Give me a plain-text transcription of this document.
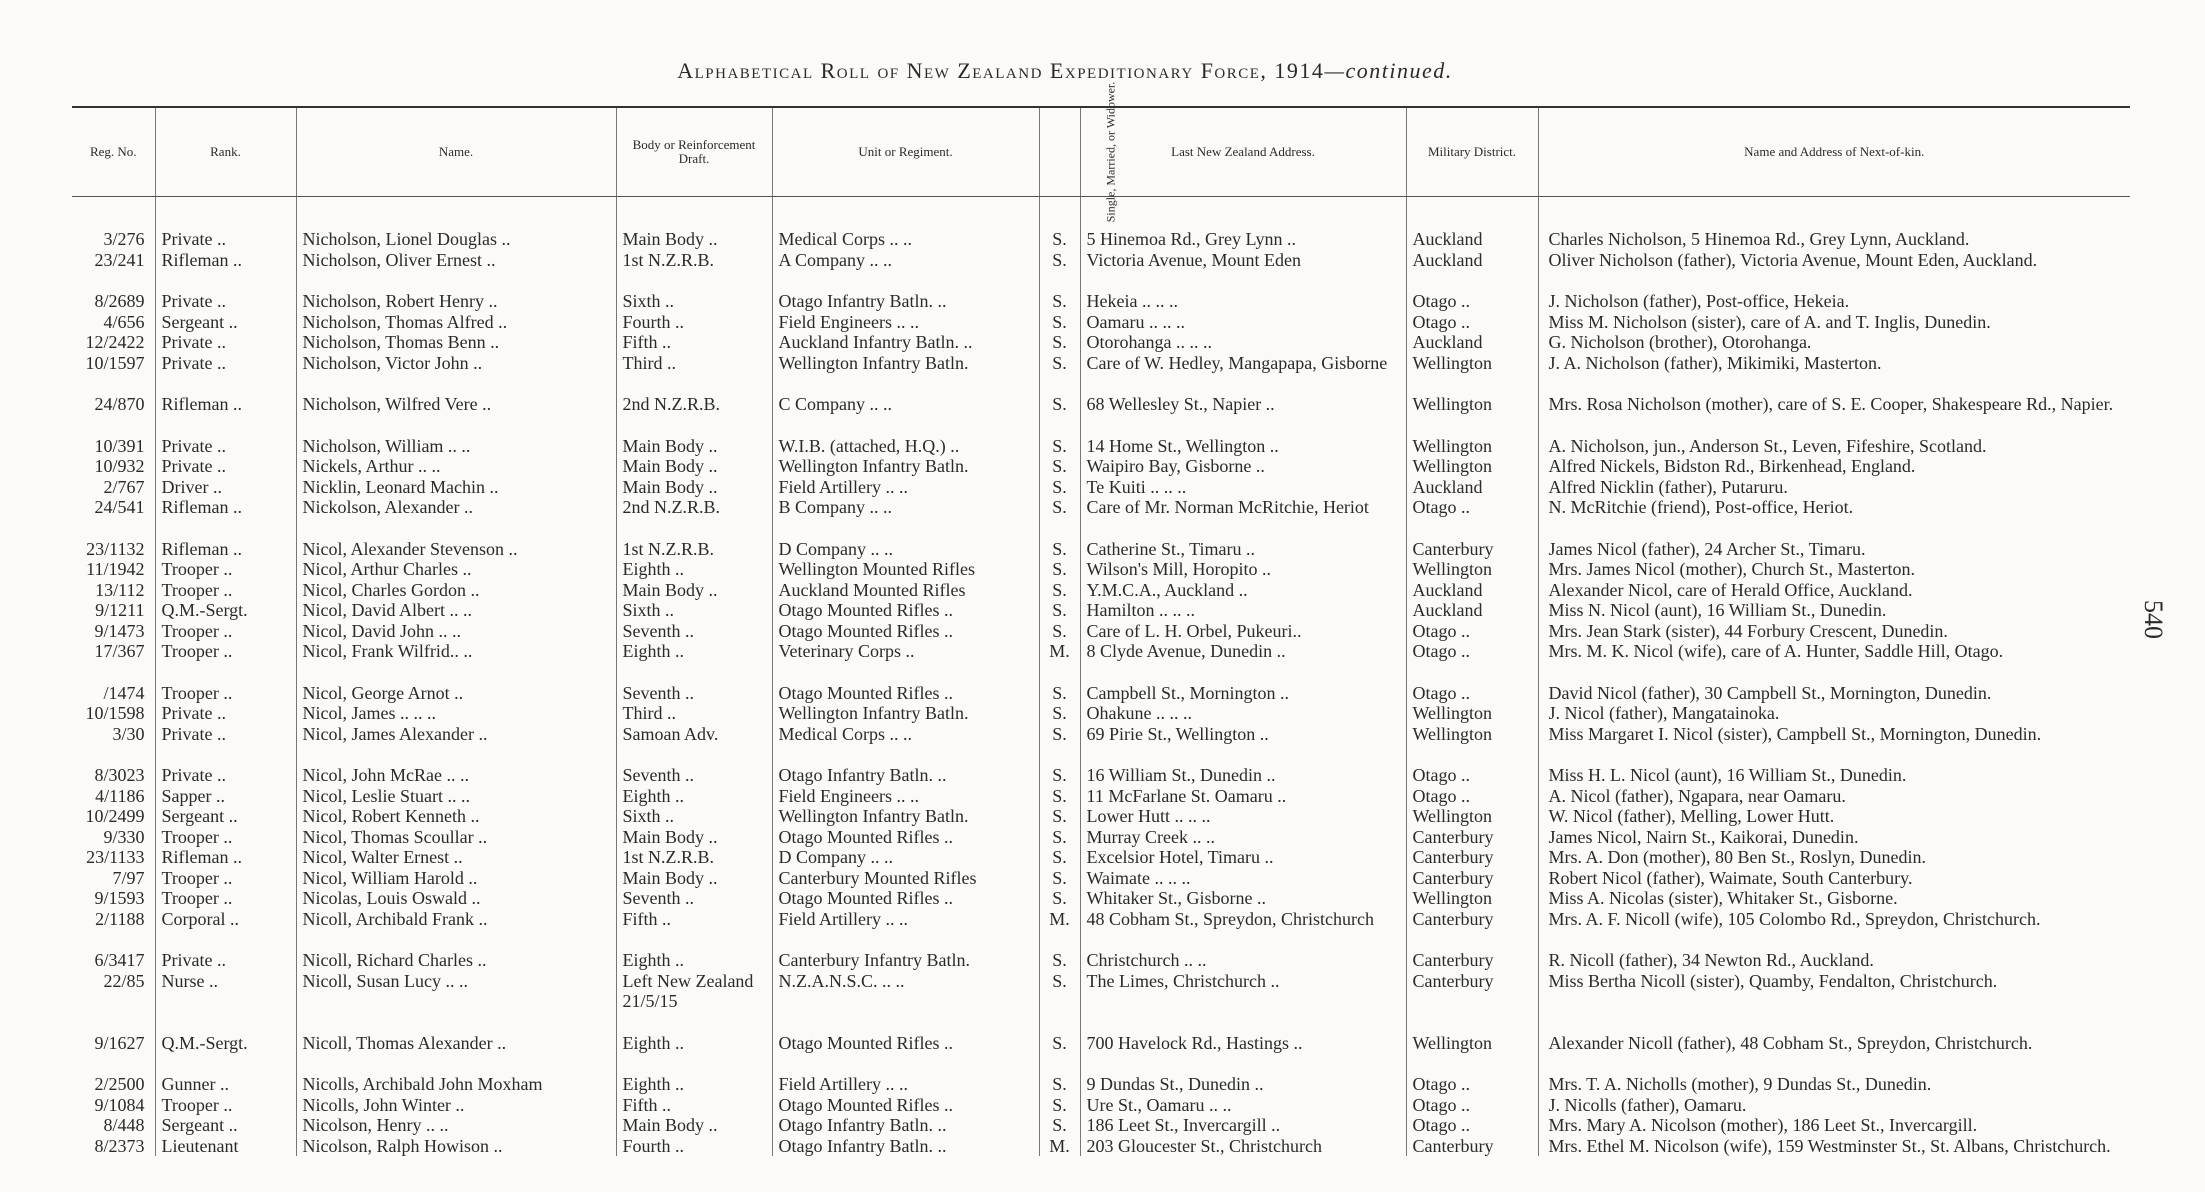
Alphabetical Roll of New Zealand Expeditionary Force, 1914—continued.
Reg. No.	Rank.	Name.	Body or Reinforcement Draft.	Unit or Regiment.	Single, Married, or Widower.	Last New Zealand Address.	Military District.	Name and Address of Next-of-kin.
3/276	Private ..	Nicholson, Lionel Douglas ..	Main Body ..	Medical Corps .. ..	S.	5 Hinemoa Rd., Grey Lynn ..	Auckland	Charles Nicholson, 5 Hinemoa Rd., Grey Lynn, Auckland.
23/241	Rifleman ..	Nicholson, Oliver Ernest ..	1st N.Z.R.B.	A Company .. ..	S.	Victoria Avenue, Mount Eden	Auckland	Oliver Nicholson (father), Victoria Avenue, Mount Eden, Auckland.
8/2689	Private ..	Nicholson, Robert Henry ..	Sixth ..	Otago Infantry Batln. ..	S.	Hekeia .. .. ..	Otago ..	J. Nicholson (father), Post-office, Hekeia.
4/656	Sergeant ..	Nicholson, Thomas Alfred ..	Fourth ..	Field Engineers .. ..	S.	Oamaru .. .. ..	Otago ..	Miss M. Nicholson (sister), care of A. and T. Inglis, Dunedin.
12/2422	Private ..	Nicholson, Thomas Benn ..	Fifth ..	Auckland Infantry Batln. ..	S.	Otorohanga .. .. ..	Auckland	G. Nicholson (brother), Otorohanga.
10/1597	Private ..	Nicholson, Victor John ..	Third ..	Wellington Infantry Batln.	S.	Care of W. Hedley, Mangapapa, Gisborne	Wellington	J. A. Nicholson (father), Mikimiki, Masterton.
24/870	Rifleman ..	Nicholson, Wilfred Vere ..	2nd N.Z.R.B.	C Company .. ..	S.	68 Wellesley St., Napier ..	Wellington	Mrs. Rosa Nicholson (mother), care of S. E. Cooper, Shakespeare Rd., Napier.
10/391	Private ..	Nicholson, William .. ..	Main Body ..	W.I.B. (attached, H.Q.) ..	S.	14 Home St., Wellington ..	Wellington	A. Nicholson, jun., Anderson St., Leven, Fifeshire, Scotland.
10/932	Private ..	Nickels, Arthur .. ..	Main Body ..	Wellington Infantry Batln.	S.	Waipiro Bay, Gisborne ..	Wellington	Alfred Nickels, Bidston Rd., Birkenhead, England.
2/767	Driver ..	Nicklin, Leonard Machin ..	Main Body ..	Field Artillery .. ..	S.	Te Kuiti .. .. ..	Auckland	Alfred Nicklin (father), Putaruru.
24/541	Rifleman ..	Nickolson, Alexander ..	2nd N.Z.R.B.	B Company .. ..	S.	Care of Mr. Norman McRitchie, Heriot	Otago ..	N. McRitchie (friend), Post-office, Heriot.
23/1132	Rifleman ..	Nicol, Alexander Stevenson ..	1st N.Z.R.B.	D Company .. ..	S.	Catherine St., Timaru ..	Canterbury	James Nicol (father), 24 Archer St., Timaru.
11/1942	Trooper ..	Nicol, Arthur Charles ..	Eighth ..	Wellington Mounted Rifles	S.	Wilson's Mill, Horopito ..	Wellington	Mrs. James Nicol (mother), Church St., Masterton.
13/112	Trooper ..	Nicol, Charles Gordon ..	Main Body ..	Auckland Mounted Rifles	S.	Y.M.C.A., Auckland ..	Auckland	Alexander Nicol, care of Herald Office, Auckland.
9/1211	Q.M.-Sergt.	Nicol, David Albert .. ..	Sixth ..	Otago Mounted Rifles ..	S.	Hamilton .. .. ..	Auckland	Miss N. Nicol (aunt), 16 William St., Dunedin.
9/1473	Trooper ..	Nicol, David John .. ..	Seventh ..	Otago Mounted Rifles ..	S.	Care of L. H. Orbel, Pukeuri..	Otago ..	Mrs. Jean Stark (sister), 44 Forbury Crescent, Dunedin.
17/367	Trooper ..	Nicol, Frank Wilfrid.. ..	Eighth ..	Veterinary Corps ..	M.	8 Clyde Avenue, Dunedin ..	Otago ..	Mrs. M. K. Nicol (wife), care of A. Hunter, Saddle Hill, Otago.
/1474	Trooper ..	Nicol, George Arnot ..	Seventh ..	Otago Mounted Rifles ..	S.	Campbell St., Mornington ..	Otago ..	David Nicol (father), 30 Campbell St., Mornington, Dunedin.
10/1598	Private ..	Nicol, James .. .. ..	Third ..	Wellington Infantry Batln.	S.	Ohakune .. .. ..	Wellington	J. Nicol (father), Mangatainoka.
3/30	Private ..	Nicol, James Alexander ..	Samoan Adv.	Medical Corps .. ..	S.	69 Pirie St., Wellington ..	Wellington	Miss Margaret I. Nicol (sister), Campbell St., Mornington, Dunedin.
8/3023	Private ..	Nicol, John McRae .. ..	Seventh ..	Otago Infantry Batln. ..	S.	16 William St., Dunedin ..	Otago ..	Miss H. L. Nicol (aunt), 16 William St., Dunedin.
4/1186	Sapper ..	Nicol, Leslie Stuart .. ..	Eighth ..	Field Engineers .. ..	S.	11 McFarlane St. Oamaru ..	Otago ..	A. Nicol (father), Ngapara, near Oamaru.
10/2499	Sergeant ..	Nicol, Robert Kenneth ..	Sixth ..	Wellington Infantry Batln.	S.	Lower Hutt .. .. ..	Wellington	W. Nicol (father), Melling, Lower Hutt.
9/330	Trooper ..	Nicol, Thomas Scoullar ..	Main Body ..	Otago Mounted Rifles ..	S.	Murray Creek .. ..	Canterbury	James Nicol, Nairn St., Kaikorai, Dunedin.
23/1133	Rifleman ..	Nicol, Walter Ernest ..	1st N.Z.R.B.	D Company .. ..	S.	Excelsior Hotel, Timaru ..	Canterbury	Mrs. A. Don (mother), 80 Ben St., Roslyn, Dunedin.
7/97	Trooper ..	Nicol, William Harold ..	Main Body ..	Canterbury Mounted Rifles	S.	Waimate .. .. ..	Canterbury	Robert Nicol (father), Waimate, South Canterbury.
9/1593	Trooper ..	Nicolas, Louis Oswald ..	Seventh ..	Otago Mounted Rifles ..	S.	Whitaker St., Gisborne ..	Wellington	Miss A. Nicolas (sister), Whitaker St., Gisborne.
2/1188	Corporal ..	Nicoll, Archibald Frank ..	Fifth ..	Field Artillery .. ..	M.	48 Cobham St., Spreydon, Christchurch	Canterbury	Mrs. A. F. Nicoll (wife), 105 Colombo Rd., Spreydon, Christchurch.
6/3417	Private ..	Nicoll, Richard Charles ..	Eighth ..	Canterbury Infantry Batln.	S.	Christchurch .. ..	Canterbury	R. Nicoll (father), 34 Newton Rd., Auckland.
22/85	Nurse ..	Nicoll, Susan Lucy .. ..	Left New Zealand 21/5/15	N.Z.A.N.S.C. .. ..	S.	The Limes, Christchurch ..	Canterbury	Miss Bertha Nicoll (sister), Quamby, Fendalton, Christchurch.
9/1627	Q.M.-Sergt.	Nicoll, Thomas Alexander ..	Eighth ..	Otago Mounted Rifles ..	S.	700 Havelock Rd., Hastings ..	Wellington	Alexander Nicoll (father), 48 Cobham St., Spreydon, Christchurch.
2/2500	Gunner ..	Nicolls, Archibald John Moxham	Eighth ..	Field Artillery .. ..	S.	9 Dundas St., Dunedin ..	Otago ..	Mrs. T. A. Nicholls (mother), 9 Dundas St., Dunedin.
9/1084	Trooper ..	Nicolls, John Winter ..	Fifth ..	Otago Mounted Rifles ..	S.	Ure St., Oamaru .. ..	Otago ..	J. Nicolls (father), Oamaru.
8/448	Sergeant ..	Nicolson, Henry .. ..	Main Body ..	Otago Infantry Batln. ..	S.	186 Leet St., Invercargill ..	Otago ..	Mrs. Mary A. Nicolson (mother), 186 Leet St., Invercargill.
8/2373	Lieutenant	Nicolson, Ralph Howison ..	Fourth ..	Otago Infantry Batln. ..	M.	203 Gloucester St., Christchurch	Canterbury	Mrs. Ethel M. Nicolson (wife), 159 Westminster St., St. Albans, Christchurch.
540
